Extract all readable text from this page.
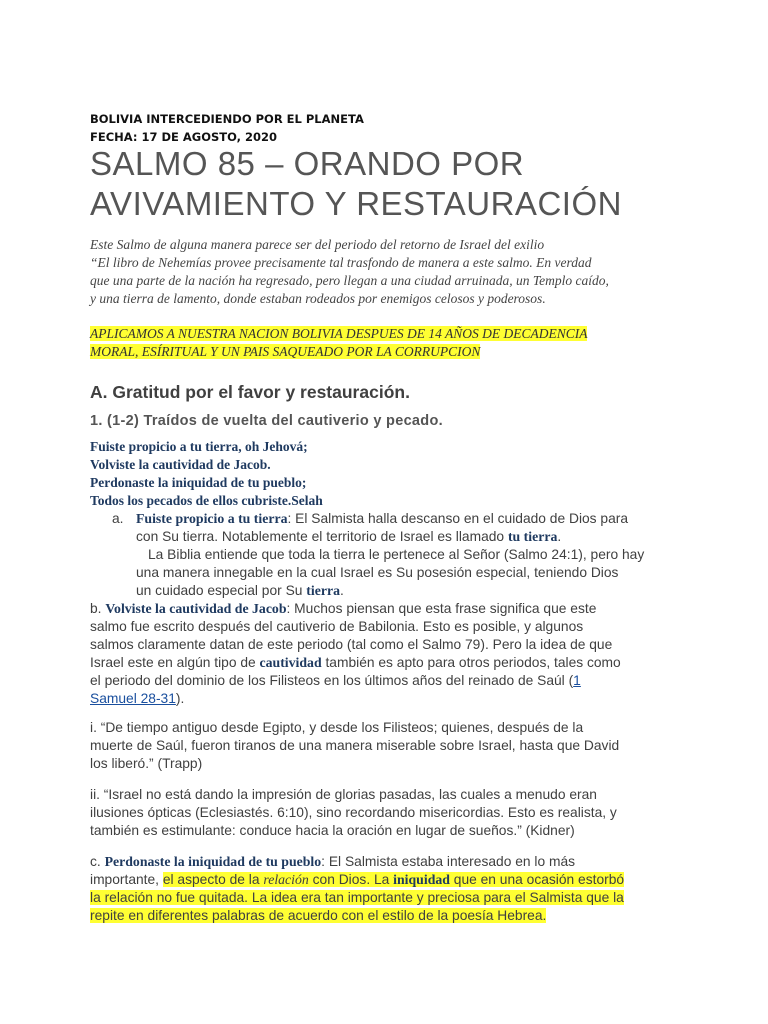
BOLIVIA INTERCEDIENDO POR EL PLANETA
FECHA: 17 DE AGOSTO, 2020
SALMO 85 – ORANDO POR
AVIVAMIENTO Y RESTAURACIÓN
Este Salmo de alguna manera parece ser del periodo del retorno de Israel del exilio
“El libro de Nehemías provee precisamente tal trasfondo de manera a este salmo. En verdad
que una parte de la nación ha regresado, pero llegan a una ciudad arruinada, un Templo caído,
y una tierra de lamento, donde estaban rodeados por enemigos celosos y poderosos.
APLICAMOS A NUESTRA NACION BOLIVIA DESPUES DE 14 AÑOS DE DECADENCIA
MORAL, ESÍRITUAL Y UN PAIS SAQUEADO POR LA CORRUPCION
A. Gratitud por el favor y restauración.
1. (1-2) Traídos de vuelta del cautiverio y pecado.
Fuiste propicio a tu tierra, oh Jehová;
Volviste la cautividad de Jacob.
Perdonaste la iniquidad de tu pueblo;
Todos los pecados de ellos cubriste.Selah
a. Fuiste propicio a tu tierra: El Salmista halla descanso en el cuidado de Dios para
con Su tierra. Notablemente el territorio de Israel es llamado tu tierra.
La Biblia entiende que toda la tierra le pertenece al Señor (Salmo 24:1), pero hay
una manera innegable en la cual Israel es Su posesión especial, teniendo Dios
un cuidado especial por Su tierra.
b. Volviste la cautividad de Jacob: Muchos piensan que esta frase significa que este
salmo fue escrito después del cautiverio de Babilonia. Esto es posible, y algunos
salmos claramente datan de este periodo (tal como el Salmo 79). Pero la idea de que
Israel este en algún tipo de cautividad también es apto para otros periodos, tales como
el periodo del dominio de los Filisteos en los últimos años del reinado de Saúl (1
Samuel 28-31).
i. “De tiempo antiguo desde Egipto, y desde los Filisteos; quienes, después de la
muerte de Saúl, fueron tiranos de una manera miserable sobre Israel, hasta que David
los liberó.” (Trapp)
ii. “Israel no está dando la impresión de glorias pasadas, las cuales a menudo eran
ilusiones ópticas (Eclesiastés. 6:10), sino recordando misericordias. Esto es realista, y
también es estimulante: conduce hacia la oración en lugar de sueños.” (Kidner)
c. Perdonaste la iniquidad de tu pueblo: El Salmista estaba interesado en lo más
importante, el aspecto de la relación con Dios. La iniquidad que en una ocasión estorbó
la relación no fue quitada. La idea era tan importante y preciosa para el Salmista que la
repite en diferentes palabras de acuerdo con el estilo de la poesía Hebrea.
